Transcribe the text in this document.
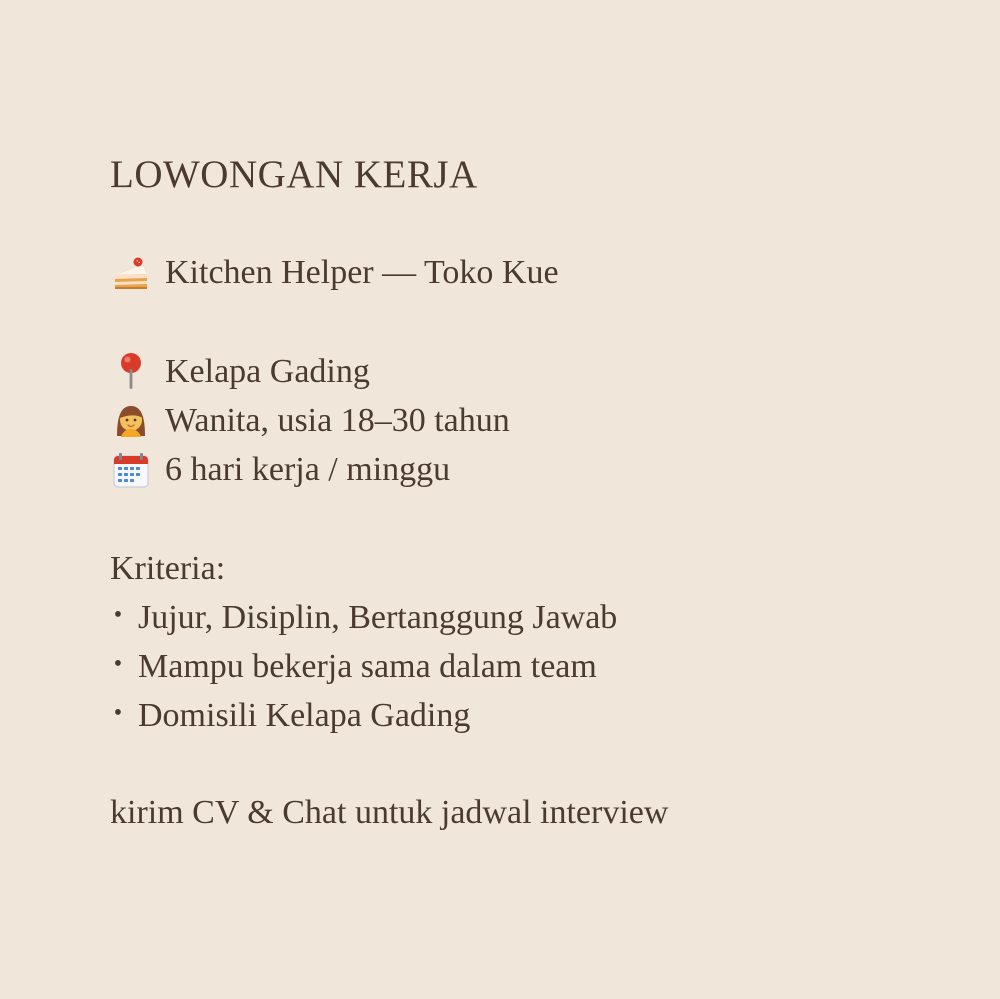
LOWONGAN KERJA
Kitchen Helper — Toko Kue
Kelapa Gading
Wanita, usia 18–30 tahun
6 hari kerja / minggu
Kriteria:
• Jujur, Disiplin, Bertanggung Jawab
• Mampu bekerja sama dalam team
• Domisili Kelapa Gading
kirim CV & Chat untuk jadwal interview
